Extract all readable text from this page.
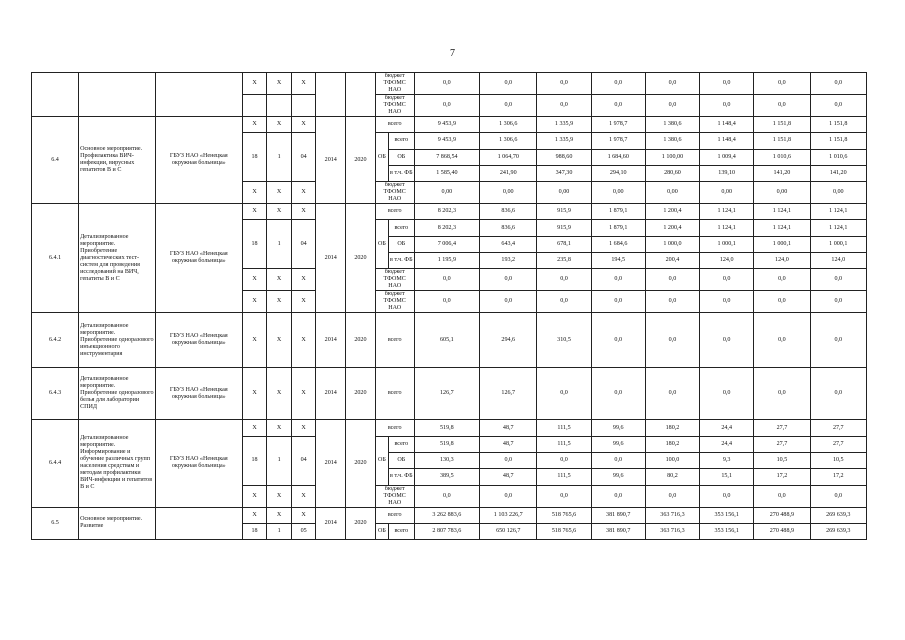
7
			X	X	X			бюджет ТФОМС НАО		0,0	0,0	0,0	0,0	0,0	0,0	0,0	0,0
								бюджет ТФОМС НАО		0,0	0,0	0,0	0,0	0,0	0,0	0,0	0,0
6.4	Основное мероприятие. Профилактика ВИЧ-инфекции, вирусных гепатитов В и С	ГБУЗ НАО «Ненецкая окружная больница»	X	X	X	2014	2020	всего		9 453,9	1 306,6	1 335,9	1 978,7	1 380,6	1 148,4	1 151,8	1 151,8
			18	1	04			ОБ	всего	9 453,9	1 306,6	1 335,9	1 978,7	1 380,6	1 148,4	1 151,8	1 151,8
									ОБ	7 868,54	1 064,70	988,60	1 684,60	1 100,00	1 009,4	1 010,6	1 010,6
									в т.ч. ФБ	1 585,40	241,90	347,30	294,10	280,60	139,10	141,20	141,20
			X	X	X			бюджет ТФОМС НАО		0,00	0,00	0,00	0,00	0,00	0,00	0,00	0,00
6.4.1	Детализированное мероприятие. Приобретение диагностических тест-систем для проведения исследований на ВИЧ, гепатиты В и С	ГБУЗ НАО «Ненецкая окружная больница»	X	X	X	2014	2020	всего		8 202,3	836,6	915,9	1 879,1	1 200,4	1 124,1	1 124,1	1 124,1
			18	1	04			ОБ	всего	8 202,3	836,6	915,9	1 879,1	1 200,4	1 124,1	1 124,1	1 124,1
									ОБ	7 006,4	643,4	678,1	1 684,6	1 000,0	1 000,1	1 000,1	1 000,1
									в т.ч. ФБ	1 195,9	193,2	235,8	194,5	200,4	124,0	124,0	124,0
			X	X	X			бюджет ТФОМС НАО		0,0	0,0	0,0	0,0	0,0	0,0	0,0	0,0
			X	X	X			бюджет ТФОМС НАО		0,0	0,0	0,0	0,0	0,0	0,0	0,0	0,0
6.4.2	Детализированное мероприятие. Приобретение одноразового инъекционного инструментария	ГБУЗ НАО «Ненецкая окружная больница»	X	X	X	2014	2020	всего		605,1	294,6	310,5	0,0	0,0	0,0	0,0	0,0
6.4.3	Детализированное мероприятие. Приобретение одноразового белья для лаборатории СПИД	ГБУЗ НАО «Ненецкая окружная больница»	X	X	X	2014	2020	всего		126,7	126,7	0,0	0,0	0,0	0,0	0,0	0,0
6.4.4	Детализированное мероприятие. Информирование и обучение различных групп населения средствам и методам профилактики ВИЧ-инфекции и гепатитов В и С	ГБУЗ НАО «Ненецкая окружная больница»	X	X	X	2014	2020	всего		519,8	48,7	111,5	99,6	180,2	24,4	27,7	27,7
			18	1	04			ОБ	всего	519,8	48,7	111,5	99,6	180,2	24,4	27,7	27,7
									ОБ	130,3	0,0	0,0	0,0	100,0	9,3	10,5	10,5
									в т.ч. ФБ	389,5	48,7	111,5	99,6	80,2	15,1	17,2	17,2
			X	X	X			бюджет ТФОМС НАО		0,0	0,0	0,0	0,0	0,0	0,0	0,0	0,0
6.5	Основное мероприятие. Развитие		X	X	X	2014	2020	всего		3 262 883,6	1 103 226,7	518 765,6	381 890,7	363 716,3	353 156,1	270 488,9	269 639,3
			18	1	05			ОБ	всего	2 807 783,6	650 126,7	518 765,6	381 890,7	363 716,3	353 156,1	270 488,9	269 639,3
